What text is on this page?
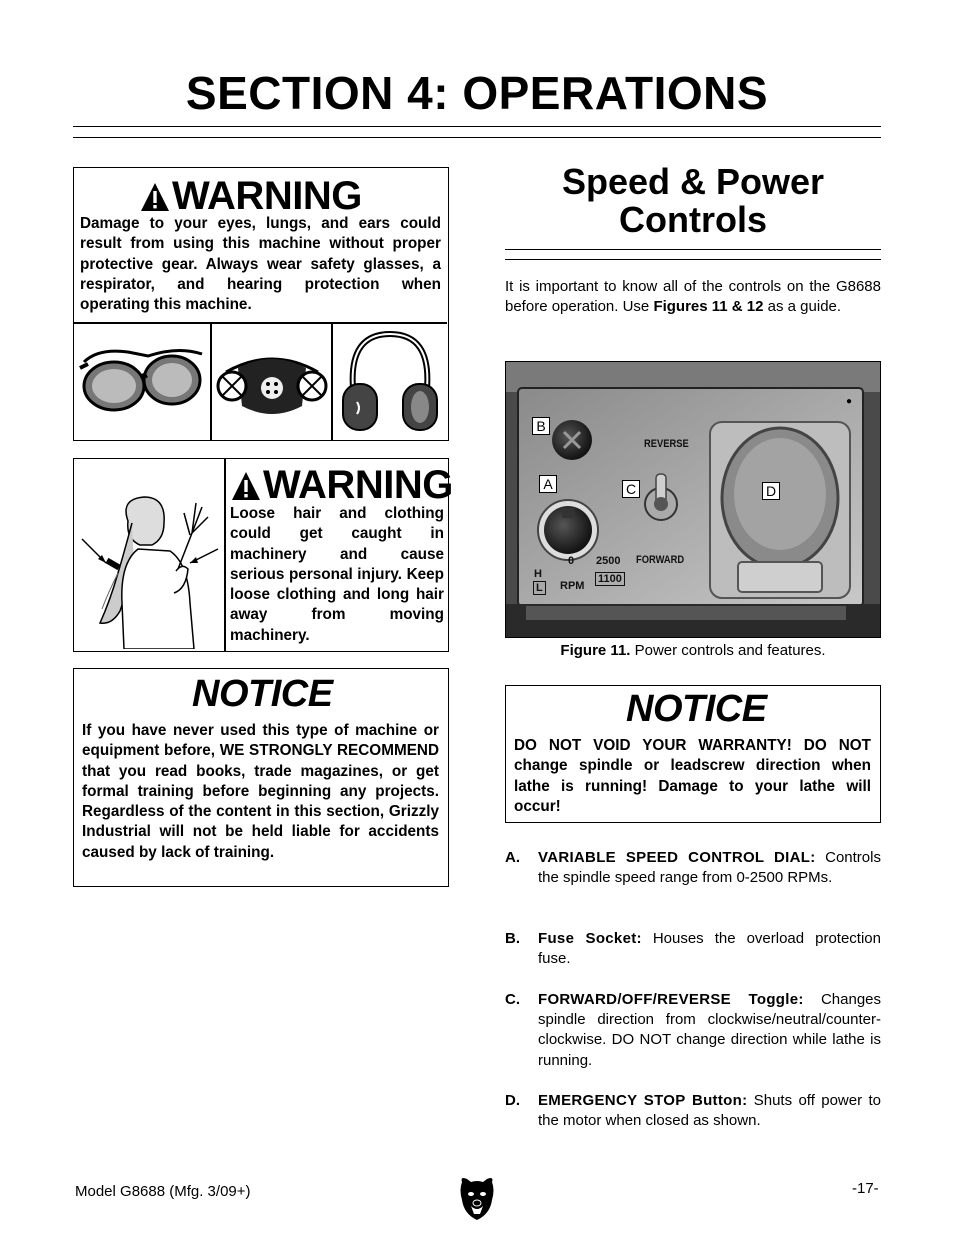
SECTION 4: OPERATIONS
WARNING
Damage to your eyes, lungs, and ears could result from using this machine without proper protective gear. Always wear safety glasses, a respirator, and hearing protection when operating this machine.
WARNING
Loose hair and clothing could get caught in machinery and cause serious personal injury. Keep loose clothing and long hair away from moving machinery.
NOTICE
If you have never used this type of machine or equipment before, WE STRONGLY RECOMMEND that you read books, trade magazines, or get formal training before beginning any projects. Regardless of the content in this section, Grizzly Industrial will not be held liable for accidents caused by lack of training.
Speed & Power
Controls
It is important to know all of the controls on the G8688 before operation. Use Figures 11 & 12 as a guide.
●
REVERSE
FORWARD
2500
0
RPM
1100
H
L
B
A	C	D
Figure 11. Power controls and features.
NOTICE
DO NOT VOID YOUR WARRANTY! DO NOT change spindle or leadscrew direction when lathe is running! Damage to your lathe will occur!
A. VARIABLE SPEED CONTROL DIAL: Controls the spindle speed range from 0-2500 RPMs.
B. Fuse Socket: Houses the overload protection fuse.
C. FORWARD/OFF/REVERSE Toggle: Changes spindle direction from clockwise/neutral/counter-clockwise. DO NOT change direction while lathe is running.
D. EMERGENCY STOP Button: Shuts off power to the motor when closed as shown.
Model G8688 (Mfg. 3/09+)	-17-
